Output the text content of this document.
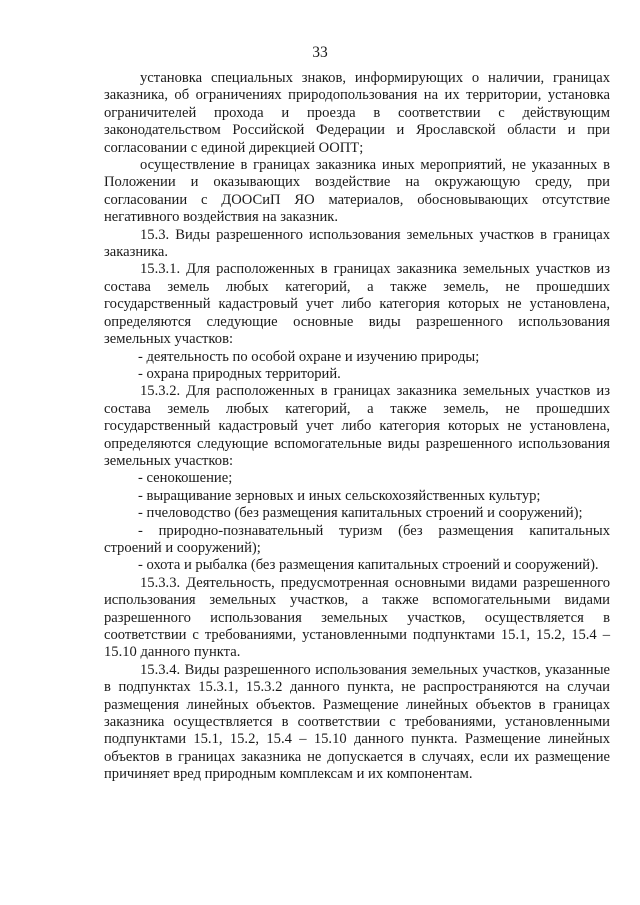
33

установка специальных знаков, информирующих о наличии, границах заказника, об ограничениях природопользования на их территории, установка ограничителей прохода и проезда в соответствии с действующим законодательством Российской Федерации и Ярославской области и при согласовании с единой дирекцией ООПТ;

осуществление в границах заказника иных мероприятий, не указанных в Положении и оказывающих воздействие на окружающую среду, при согласовании с ДООСиП ЯО материалов, обосновывающих отсутствие негативного воздействия на заказник.

15.3. Виды разрешенного использования земельных участков в границах заказника.

15.3.1. Для расположенных в границах заказника земельных участков из состава земель любых категорий, а также земель, не прошедших государственный кадастровый учет либо категория которых не установлена, определяются следующие основные виды разрешенного использования земельных участков:

- деятельность по особой охране и изучению природы;

- охрана природных территорий.

15.3.2. Для расположенных в границах заказника земельных участков из состава земель любых категорий, а также земель, не прошедших государственный кадастровый учет либо категория которых не установлена, определяются следующие вспомогательные виды разрешенного использования земельных участков:

- сенокошение;

- выращивание зерновых и иных сельскохозяйственных культур;

- пчеловодство (без размещения капитальных строений и сооружений);

- природно-познавательный туризм (без размещения капитальных строений и сооружений);

- охота и рыбалка (без размещения капитальных строений и сооружений).

15.3.3. Деятельность, предусмотренная основными видами разрешенного использования земельных участков, а также вспомогательными видами разрешенного использования земельных участков, осуществляется в соответствии с требованиями, установленными подпунктами 15.1, 15.2, 15.4 – 15.10 данного пункта.

15.3.4. Виды разрешенного использования земельных участков, указанные в подпунктах 15.3.1, 15.3.2 данного пункта, не распространяются на случаи размещения линейных объектов. Размещение линейных объектов в границах заказника осуществляется в соответствии с требованиями, установленными подпунктами 15.1, 15.2, 15.4 – 15.10 данного пункта. Размещение линейных объектов в границах заказника не допускается в случаях, если их размещение причиняет вред природным комплексам и их компонентам.
